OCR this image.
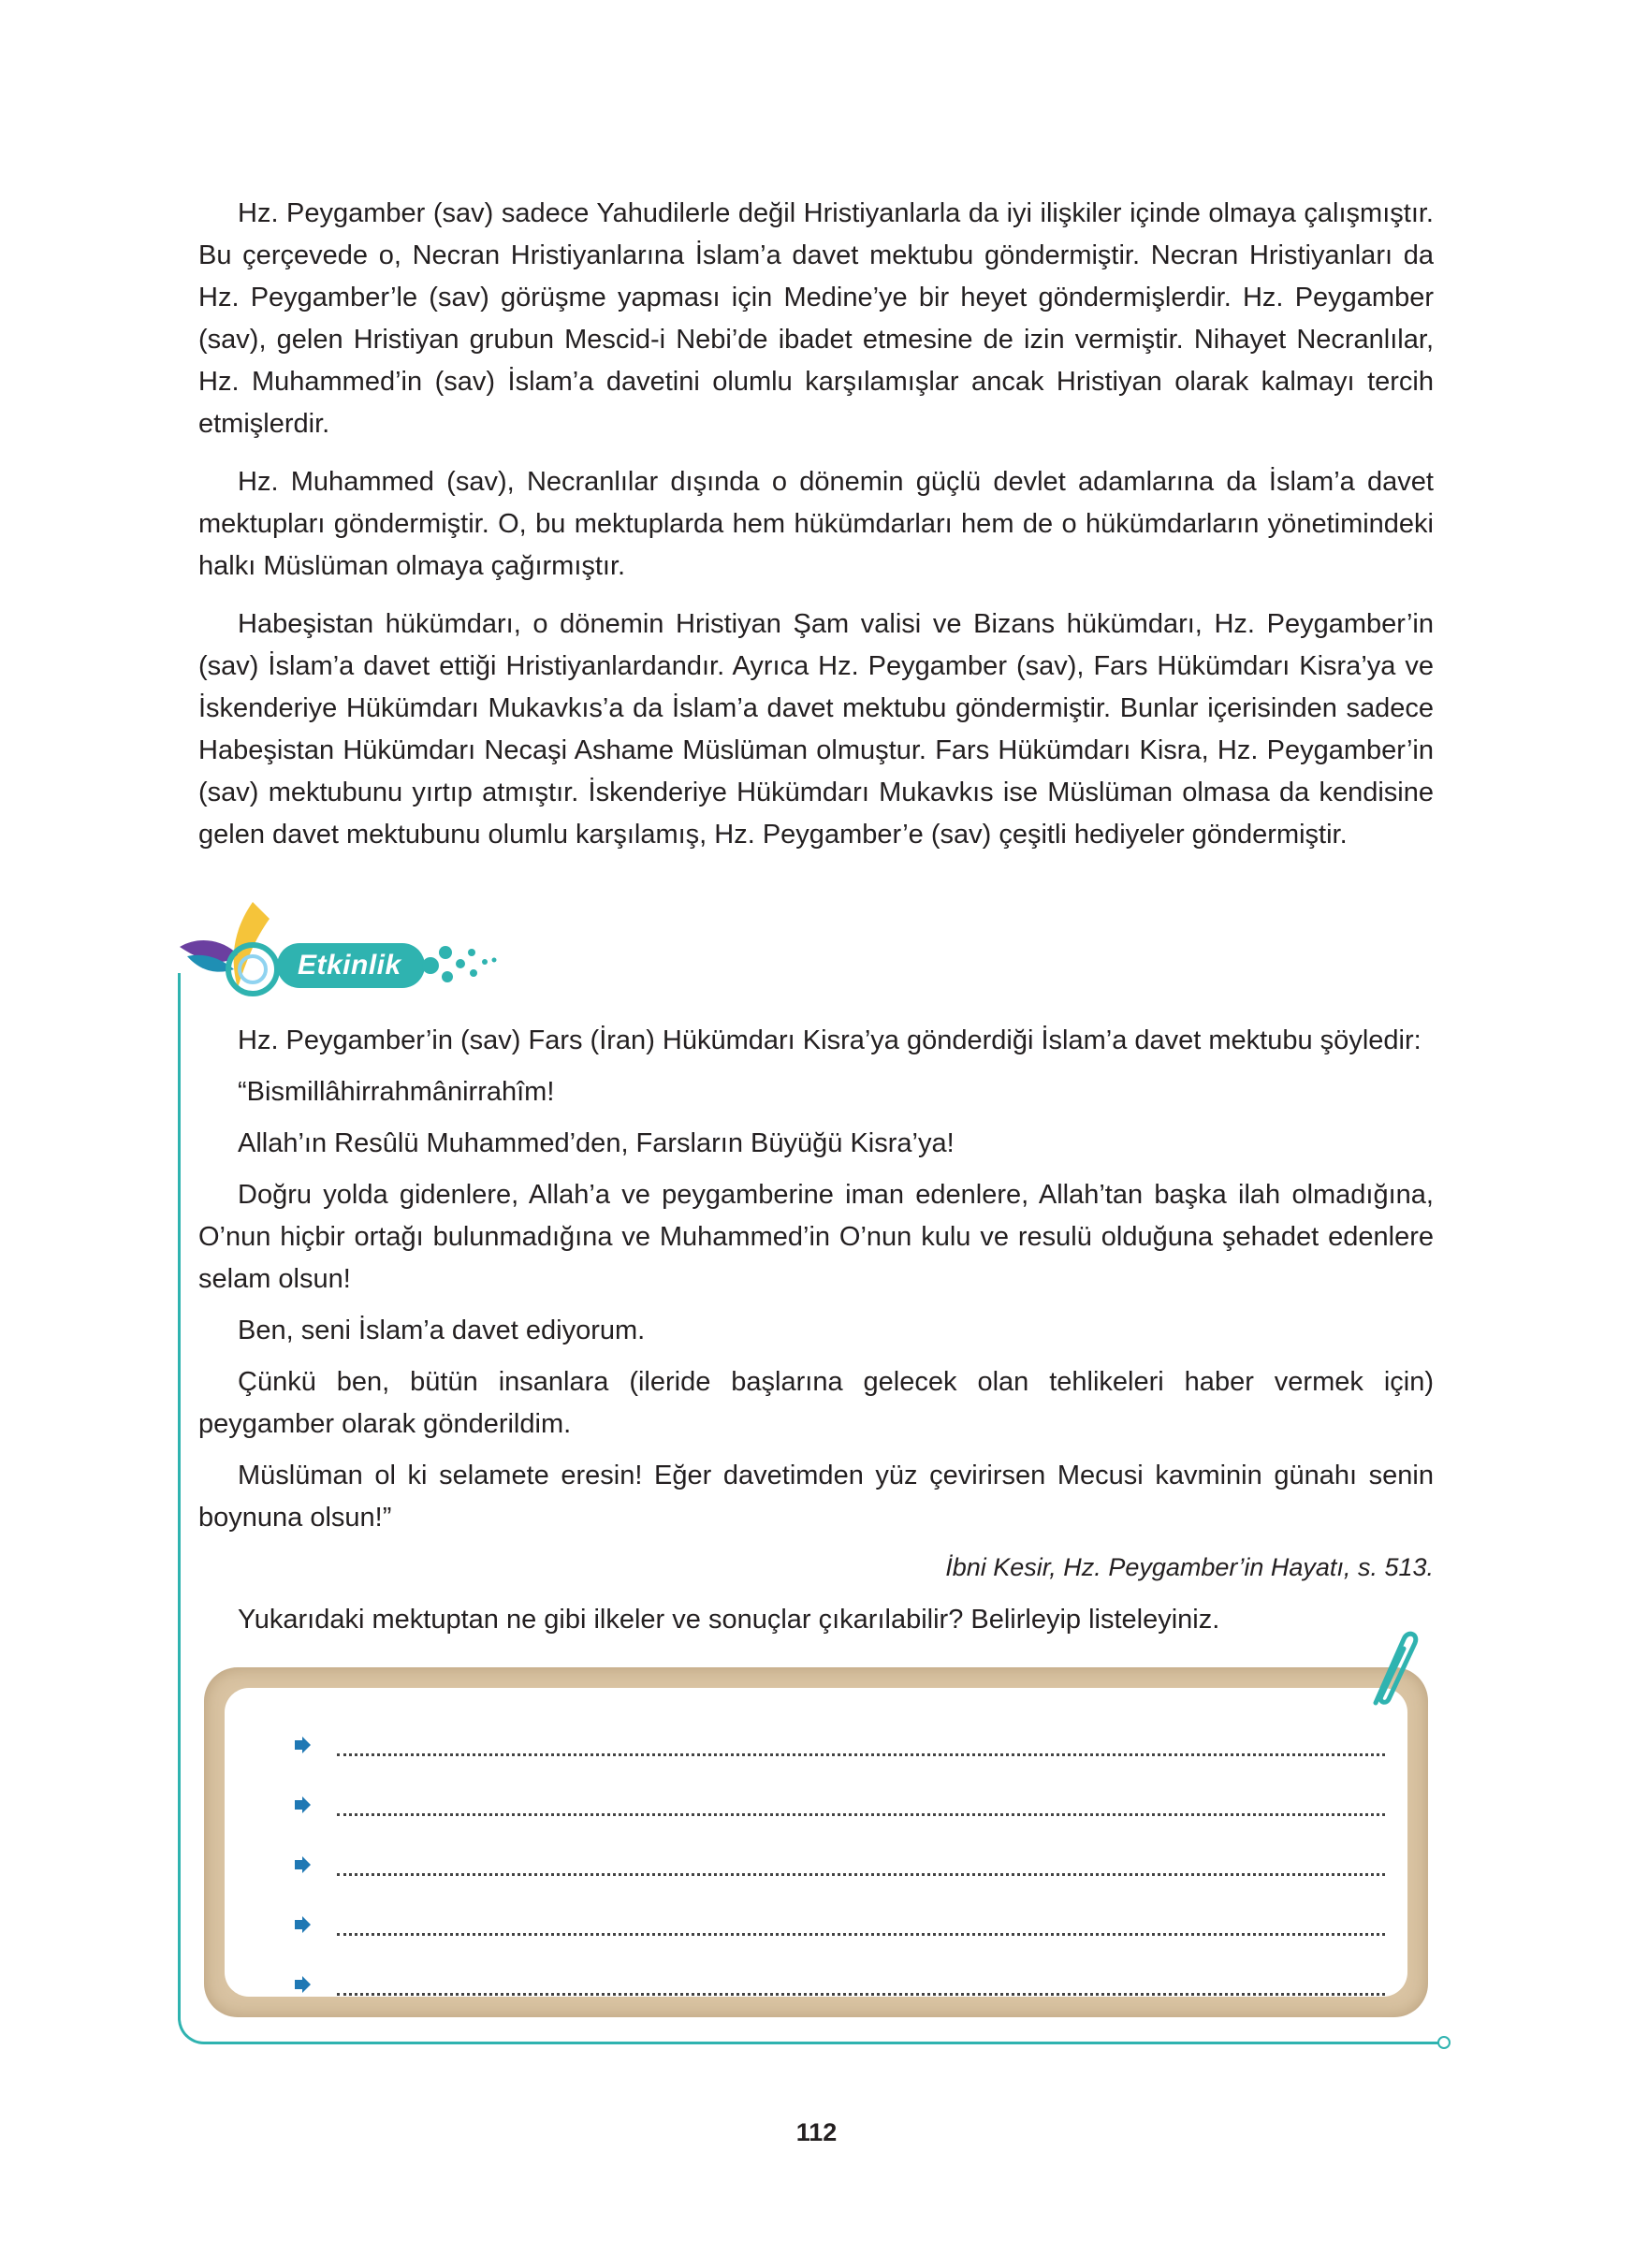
Hz. Peygamber (sav) sadece Yahudilerle değil Hristiyanlarla da iyi ilişkiler içinde olmaya çalışmıştır. Bu çerçevede o, Necran Hristiyanlarına İslam’a davet mektubu göndermiştir. Necran Hristiyanları da Hz. Peygamber’le (sav) görüşme yapması için Medine’ye bir heyet göndermişlerdir. Hz. Peygamber (sav), gelen Hristiyan grubun Mescid-i Nebi’de ibadet etmesine de izin vermiştir. Nihayet Necranlılar, Hz. Muhammed’in (sav) İslam’a davetini olumlu karşılamışlar ancak Hristiyan olarak kalmayı tercih etmişlerdir.

Hz. Muhammed (sav), Necranlılar dışında o dönemin güçlü devlet adamlarına da İslam’a davet mektupları göndermiştir. O, bu mektuplarda hem hükümdarları hem de o hükümdarların yönetimindeki halkı Müslüman olmaya çağırmıştır.

Habeşistan hükümdarı, o dönemin Hristiyan Şam valisi ve Bizans hükümdarı, Hz. Peygamber’in (sav) İslam’a davet ettiği Hristiyanlardandır. Ayrıca Hz. Peygamber (sav), Fars Hükümdarı Kisra’ya ve İskenderiye Hükümdarı Mukavkıs’a da İslam’a davet mektubu göndermiştir. Bunlar içerisinden sadece Habeşistan Hükümdarı Necaşi Ashame Müslüman olmuştur. Fars Hükümdarı Kisra, Hz. Peygamber’in (sav) mektubunu yırtıp atmıştır. İskenderiye Hükümdarı Mukavkıs ise Müslüman olmasa da kendisine gelen davet mektubunu olumlu karşılamış, Hz. Peygamber’e (sav) çeşitli hediyeler göndermiştir.

Etkinlik

Hz. Peygamber’in (sav) Fars (İran) Hükümdarı Kisra’ya gönderdiği İslam’a davet mektubu şöyledir:

“Bismillâhirrahmânirrahîm!

Allah’ın Resûlü Muhammed’den, Farsların Büyüğü Kisra’ya!

Doğru yolda gidenlere, Allah’a ve peygamberine iman edenlere, Allah’tan başka ilah olmadığına, O’nun hiçbir ortağı bulunmadığına ve Muhammed’in O’nun kulu ve resulü olduğuna şehadet edenlere selam olsun!

Ben, seni İslam’a davet ediyorum.

Çünkü ben, bütün insanlara (ileride başlarına gelecek olan tehlikeleri haber vermek için) peygamber olarak gönderildim.

Müslüman ol ki selamete eresin! Eğer davetimden yüz çevirirsen Mecusi kavminin günahı senin boynuna olsun!”

İbni Kesir, Hz. Peygamber’in Hayatı, s. 513.

Yukarıdaki mektuptan ne gibi ilkeler ve sonuçlar çıkarılabilir? Belirleyip listeleyiniz.

112
